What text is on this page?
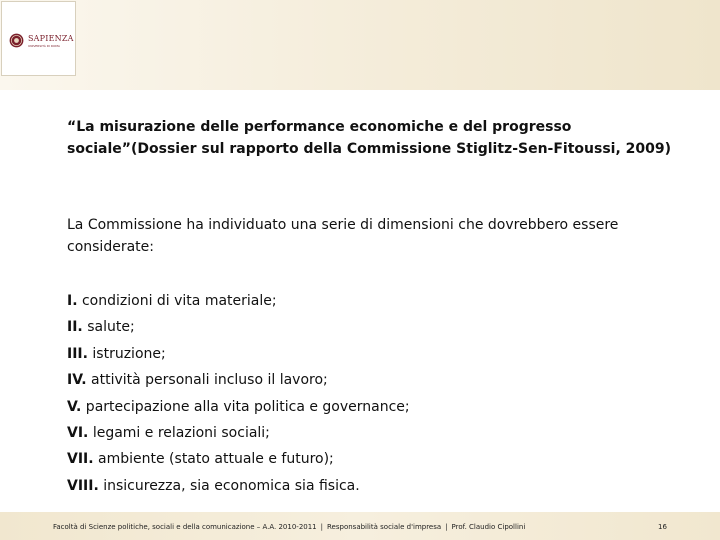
SAPIENZA
UNIVERSITÀ DI ROMA
“La misurazione delle performance economiche e del progresso sociale”(Dossier sul rapporto della Commissione Stiglitz-Sen-Fitoussi, 2009)
La Commissione ha individuato una serie di dimensioni che dovrebbero essere considerate:
I. condizioni di vita materiale;
II. salute;
III. istruzione;
IV. attività personali incluso il lavoro;
V. partecipazione alla vita politica e governance;
VI. legami e relazioni sociali;
VII. ambiente (stato attuale e futuro);
VIII. insicurezza, sia economica sia fisica.
Facoltà di Scienze politiche, sociali e della comunicazione – A.A. 2010-2011 | Responsabilità sociale d'impresa | Prof. Claudio Cipollini	16
